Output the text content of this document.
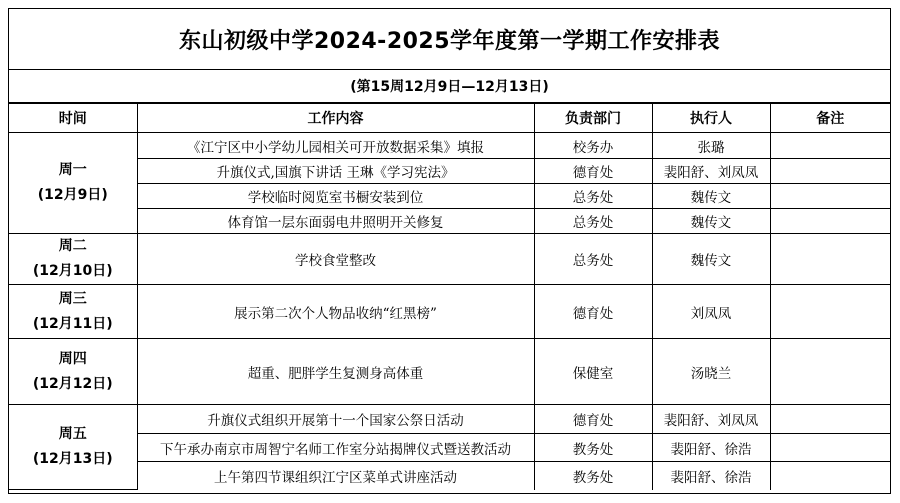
东山初级中学2024-2025学年度第一学期工作安排表
(第15周12月9日—12月13日)
时间	工作内容	负责部门	执行人	备注

周一
(12月9日)	《江宁区中小学幼儿园相关可开放数据采集》填报	校务办	张璐	
	升旗仪式,国旗下讲话 王琳《学习宪法》	德育处	裴阳舒、刘凤凤	
	学校临时阅览室书橱安装到位	总务处	魏传文	
	体育馆一层东面弱电井照明开关修复	总务处	魏传文	

周二
(12月10日)	学校食堂整改	总务处	魏传文	

周三
(12月11日)	展示第二次个人物品收纳“红黑榜”	德育处	刘凤凤	

周四
(12月12日)	超重、肥胖学生复测身高体重	保健室	汤晓兰	

周五
(12月13日)	升旗仪式组织开展第十一个国家公祭日活动	德育处	裴阳舒、刘凤凤	
	下午承办南京市周智宁名师工作室分站揭牌仪式暨送教活动	教务处	裴阳舒、徐浩	
	上午第四节课组织江宁区菜单式讲座活动	教务处	裴阳舒、徐浩	
